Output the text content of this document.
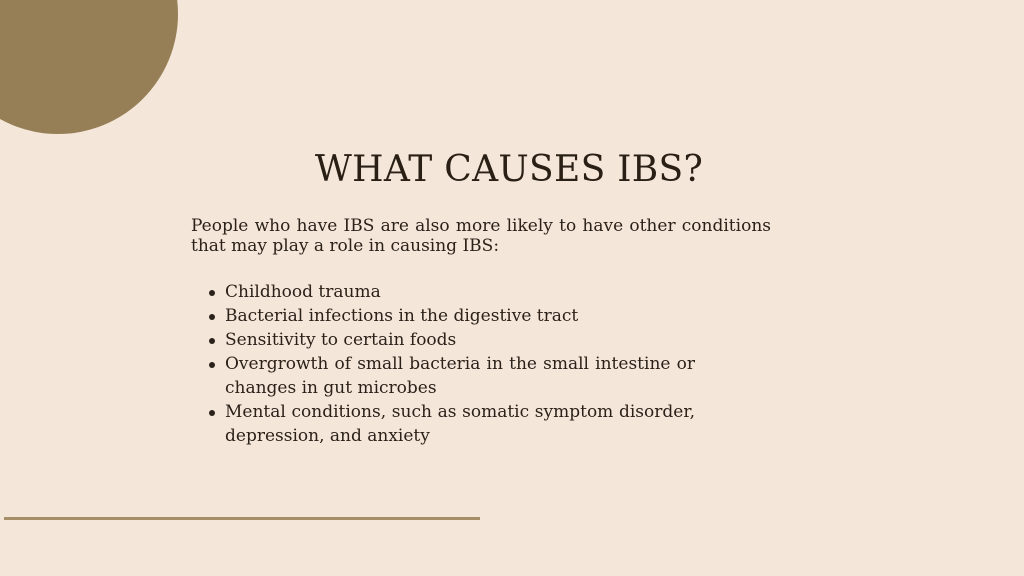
WHAT CAUSES IBS?

People who have IBS are also more likely to have other conditions that may play a role in causing IBS:

Childhood trauma
Bacterial infections in the digestive tract
Sensitivity to certain foods
Overgrowth of small bacteria in the small intestine or changes in gut microbes
Mental conditions, such as somatic symptom disorder, depression, and anxiety
